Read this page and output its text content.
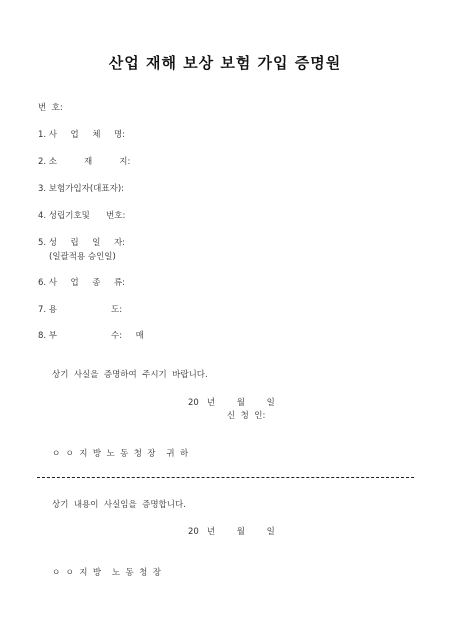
산업 재해 보상 보험 가입 증명원
번  호:
1. 사     업     체     명:
2. 소          재          지:
3. 보험가입자(대표자):
4. 성립기호및      번호:
5. 성     립     일     자:
(일괄적용 승인일)
6. 사     업     종     류:
7. 용                    도:
8. 부                    수:     매
상기  사실을  증명하여  주시기  바랍니다.
20   년        월        일
신  청  인:
ㅇ  ㅇ  지  방  노  동  청  장    귀  하
상기  내용이  사실임을  증명합니다.
20   년        월        일
ㅇ  ㅇ  지  방    노  동  청  장
